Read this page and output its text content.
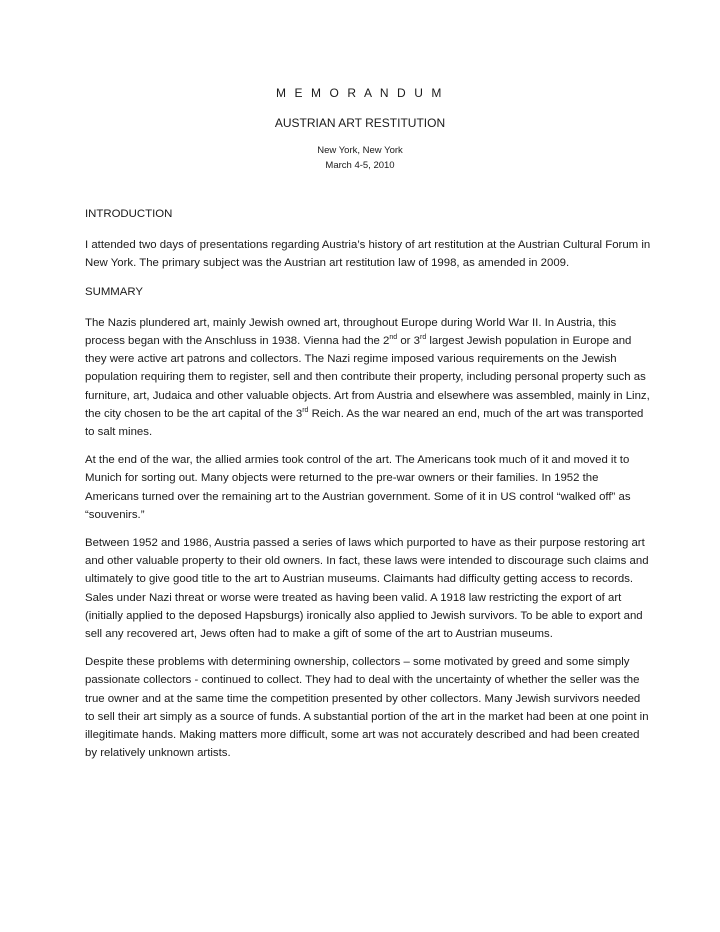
M E M O R A N D U M
AUSTRIAN ART RESTITUTION
New York, New York
March 4-5, 2010
INTRODUCTION

I attended two days of presentations regarding Austria’s history of art restitution at the Austrian Cultural Forum in New York. The primary subject was the Austrian art restitution law of 1998, as amended in 2009.

SUMMARY

The Nazis plundered art, mainly Jewish owned art, throughout Europe during World War II. In Austria, this process began with the Anschluss in 1938. Vienna had the 2nd or 3rd largest Jewish population in Europe and they were active art patrons and collectors. The Nazi regime imposed various requirements on the Jewish population requiring them to register, sell and then contribute their property, including personal property such as furniture, art, Judaica and other valuable objects. Art from Austria and elsewhere was assembled, mainly in Linz, the city chosen to be the art capital of the 3rd Reich. As the war neared an end, much of the art was transported to salt mines.

At the end of the war, the allied armies took control of the art. The Americans took much of it and moved it to Munich for sorting out. Many objects were returned to the pre-war owners or their families. In 1952 the Americans turned over the remaining art to the Austrian government. Some of it in US control “walked off” as “souvenirs.”

Between 1952 and 1986, Austria passed a series of laws which purported to have as their purpose restoring art and other valuable property to their old owners. In fact, these laws were intended to discourage such claims and ultimately to give good title to the art to Austrian museums. Claimants had difficulty getting access to records. Sales under Nazi threat or worse were treated as having been valid. A 1918 law restricting the export of art (initially applied to the deposed Hapsburgs) ironically also applied to Jewish survivors. To be able to export and sell any recovered art, Jews often had to make a gift of some of the art to Austrian museums.

Despite these problems with determining ownership, collectors – some motivated by greed and some simply passionate collectors - continued to collect. They had to deal with the uncertainty of whether the seller was the true owner and at the same time the competition presented by other collectors. Many Jewish survivors needed to sell their art simply as a source of funds. A substantial portion of the art in the market had been at one point in illegitimate hands. Making matters more difficult, some art was not accurately described and had been created by relatively unknown artists.
